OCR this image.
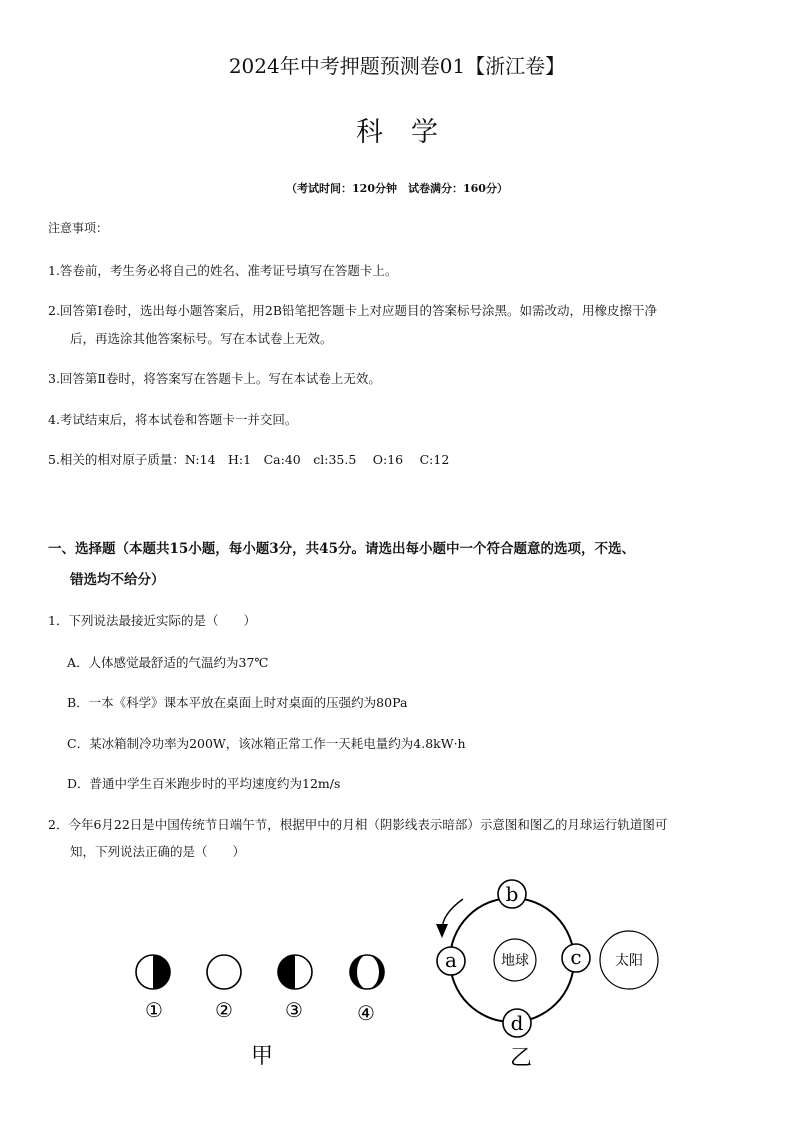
2024年中考押题预测卷01【浙江卷】
科学
（考试时间：120分钟　试卷满分：160分）
注意事项：
1.答卷前，考生务必将自己的姓名、准考证号填写在答题卡上。
2.回答第Ⅰ卷时，选出每小题答案后，用2B铅笔把答题卡上对应题目的答案标号涂黑。如需改动，用橡皮擦干净
后，再选涂其他答案标号。写在本试卷上无效。
3.回答第Ⅱ卷时，将答案写在答题卡上。写在本试卷上无效。
4.考试结束后，将本试卷和答题卡一并交回。
5.相关的相对原子质量：N:14　H:1　Ca:40　cl:35.5　 O:16　 C:12
一、选择题（本题共15小题，每小题3分，共45分。请选出每小题中一个符合题意的选项，不选、
错选均不给分）
1．下列说法最接近实际的是（　　）
A．人体感觉最舒适的气温约为37℃
B．一本《科学》课本平放在桌面上时对桌面的压强约为80Pa
C．某冰箱制冷功率为200W，该冰箱正常工作一天耗电量约为4.8kW·h
D．普通中学生百米跑步时的平均速度约为12m/s
2．今年6月22日是中国传统节日端午节，根据甲中的月相（阴影线表示暗部）示意图和图乙的月球运行轨道图可
知，下列说法正确的是（　　）
①	②	③	④
甲
地球	太阳
b
a	c
d
乙
